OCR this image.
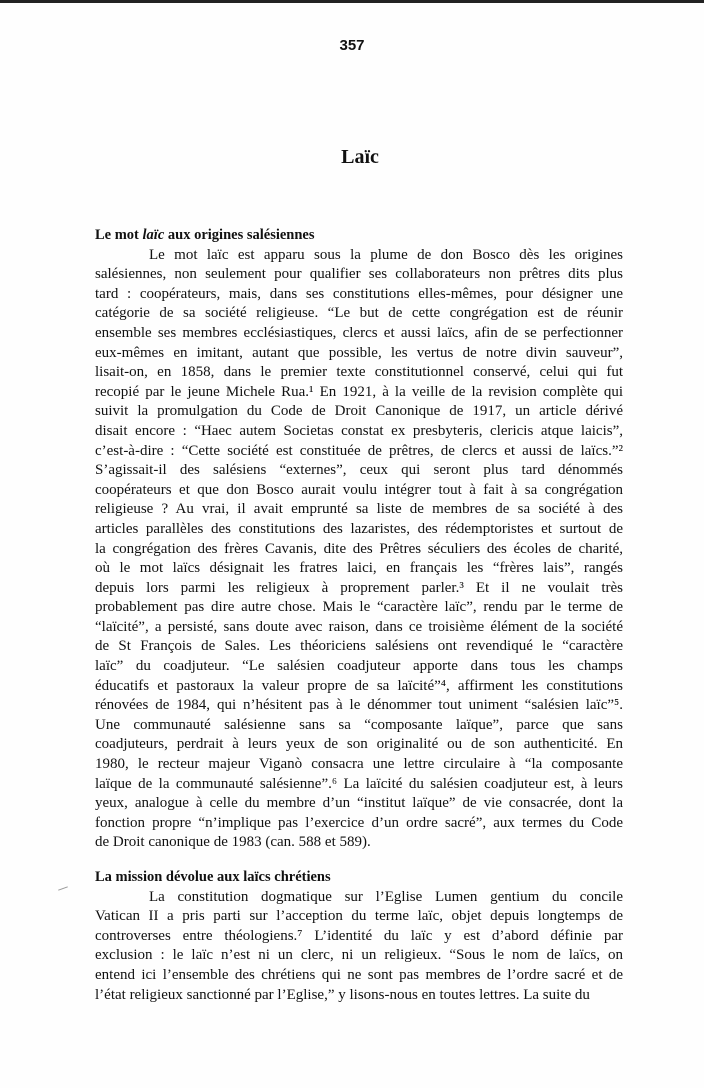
357
Laïc
Le mot laïc aux origines salésiennes
Le mot laïc est apparu sous la plume de don Bosco dès les origines
salésiennes, non seulement pour qualifier ses collaborateurs non prêtres dits plus
tard : coopérateurs, mais, dans ses constitutions elles-mêmes, pour désigner une
catégorie de sa société religieuse. “Le but de cette congrégation est de réunir
ensemble ses membres ecclésiastiques, clercs et aussi laïcs, afin de se perfectionner
eux-mêmes en imitant, autant que possible, les vertus de notre divin sauveur”,
lisait-on, en 1858, dans le premier texte constitutionnel conservé, celui qui fut
recopié par le jeune Michele Rua.¹ En 1921, à la veille de la revision complète qui
suivit la promulgation du Code de Droit Canonique de 1917, un article dérivé
disait encore : “Haec autem Societas constat ex presbyteris, clericis atque laicis”,
c’est-à-dire : “Cette société est constituée de prêtres, de clercs et aussi de laïcs.”²
S’agissait-il des salésiens “externes”, ceux qui seront plus tard dénommés
coopérateurs et que don Bosco aurait voulu intégrer tout à fait à sa congrégation
religieuse ? Au vrai, il avait emprunté sa liste de membres de sa société à des
articles parallèles des constitutions des lazaristes, des rédemptoristes et surtout de
la congrégation des frères Cavanis, dite des Prêtres séculiers des écoles de charité,
où le mot laïcs désignait les fratres laici, en français les “frères lais”, rangés
depuis lors parmi les religieux à proprement parler.³ Et il ne voulait très
probablement pas dire autre chose. Mais le “caractère laïc”, rendu par le terme de
“laïcité”, a persisté, sans doute avec raison, dans ce troisième élément de la société
de St François de Sales. Les théoriciens salésiens ont revendiqué le “caractère
laïc” du coadjuteur. “Le salésien coadjuteur apporte dans tous les champs
éducatifs et pastoraux la valeur propre de sa laïcité”⁴, affirment les constitutions
rénovées de 1984, qui n’hésitent pas à le dénommer tout uniment “salésien laïc”⁵.
Une communauté salésienne sans sa “composante laïque”, parce que sans
coadjuteurs, perdrait à leurs yeux de son originalité ou de son authenticité. En
1980, le recteur majeur Viganò consacra une lettre circulaire à “la composante
laïque de la communauté salésienne”.⁶ La laïcité du salésien coadjuteur est, à leurs
yeux, analogue à celle du membre d’un “institut laïque” de vie consacrée, dont la
fonction propre “n’implique pas l’exercice d’un ordre sacré”, aux termes du Code
de Droit canonique de 1983 (can. 588 et 589).
La mission dévolue aux laïcs chrétiens
La constitution dogmatique sur l’Eglise Lumen gentium du concile
Vatican II a pris parti sur l’acception du terme laïc, objet depuis longtemps de
controverses entre théologiens.⁷ L’identité du laïc y est d’abord définie par
exclusion : le laïc n’est ni un clerc, ni un religieux. “Sous le nom de laïcs, on
entend ici l’ensemble des chrétiens qui ne sont pas membres de l’ordre sacré et de
l’état religieux sanctionné par l’Eglise,” y lisons-nous en toutes lettres. La suite du
